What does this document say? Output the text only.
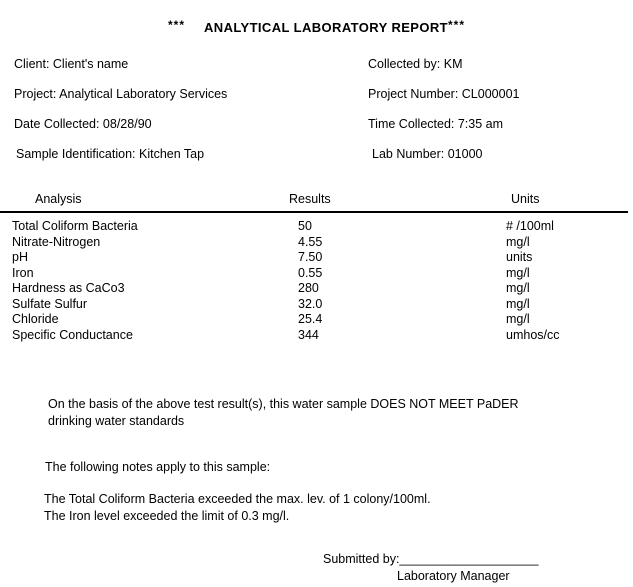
*** ANALYTICAL LABORATORY REPORT ***
Client: Client's name	Collected by: KM
Project: Analytical Laboratory Services	Project Number: CL000001
Date Collected: 08/28/90	Time Collected: 7:35 am
Sample Identification: Kitchen Tap	Lab Number: 01000
Analysis	Results	Units
Total Coliform Bacteria	50	# /100ml
Nitrate-Nitrogen	4.55	mg/l
pH	7.50	units
Iron	0.55	mg/l
Hardness as CaCo3	280	mg/l
Sulfate Sulfur	32.0	mg/l
Chloride	25.4	mg/l
Specific Conductance	344	umhos/cc
On the basis of the above test result(s), this water sample DOES NOT MEET PaDER
drinking water standards
The following notes apply to this sample:
The Total Coliform Bacteria exceeded the max. lev. of 1 colony/100ml.
The Iron level exceeded the limit of 0.3 mg/l.
Submitted by:____________________
Laboratory Manager
